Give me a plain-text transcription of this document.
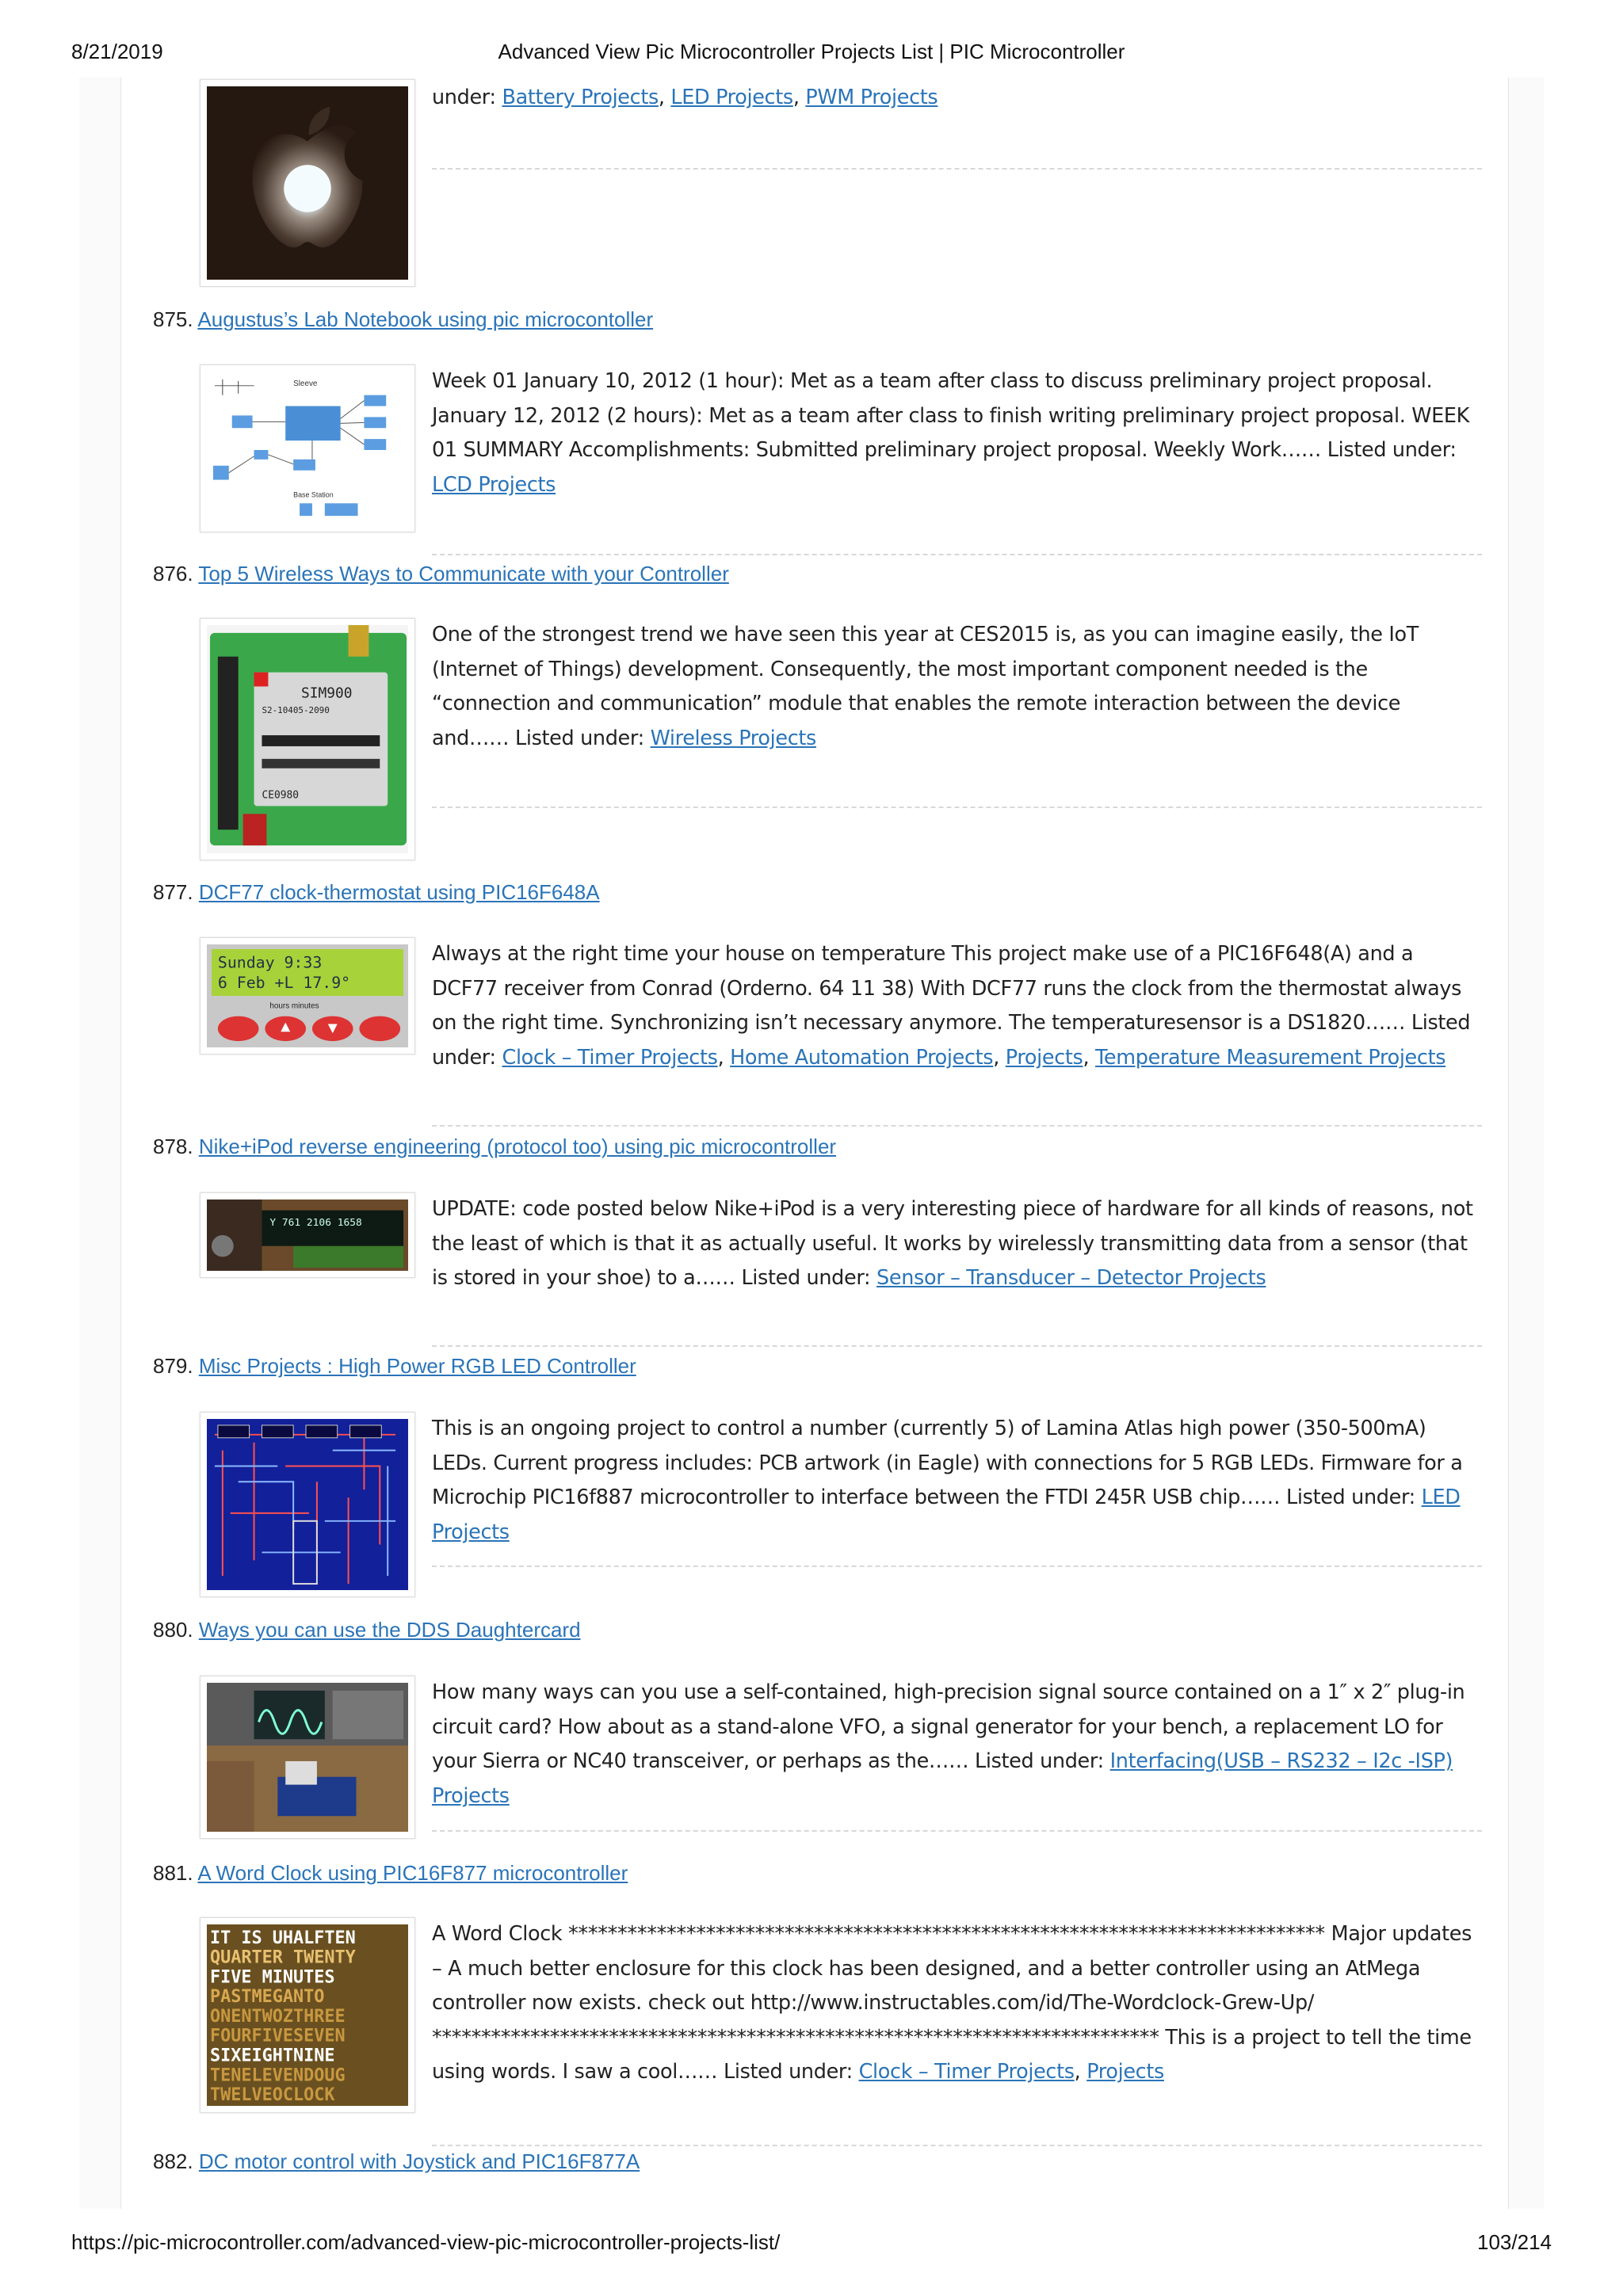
8/21/2019	Advanced View Pic Microcontroller Projects List | PIC Microcontroller
under: Battery Projects, LED Projects, PWM Projects
875. Augustus’s Lab Notebook using pic microcontoller
Sleeve
Base Station
Week 01 January 10, 2012 (1 hour): Met as a team after class to discuss preliminary project proposal. January 12, 2012 (2 hours): Met as a team after class to finish writing preliminary project proposal. WEEK 01 SUMMARY Accomplishments: Submitted preliminary project proposal. Weekly Work…… Listed under: LCD Projects
876. Top 5 Wireless Ways to Communicate with your Controller
SIM900
S2-10405-2090
CE0980
One of the strongest trend we have seen this year at CES2015 is, as you can imagine easily, the IoT (Internet of Things) development. Consequently, the most important component needed is the “connection and communication” module that enables the remote interaction between the device and…… Listed under: Wireless Projects
877. DCF77 clock-thermostat using PIC16F648A
Sunday 9:33
6 Feb +L 17.9°
hours minutes
Always at the right time your house on temperature This project make use of a PIC16F648(A) and a DCF77 receiver from Conrad (Orderno. 64 11 38) With DCF77 runs the clock from the thermostat always on the right time. Synchronizing isn’t necessary anymore. The temperaturesensor is a DS1820…… Listed under: Clock – Timer Projects, Home Automation Projects, Projects, Temperature Measurement Projects
878. Nike+iPod reverse engineering (protocol too) using pic microcontroller
Y 761 2106 1658
UPDATE: code posted below Nike+iPod is a very interesting piece of hardware for all kinds of reasons, not the least of which is that it as actually useful. It works by wirelessly transmitting data from a sensor (that is stored in your shoe) to a…… Listed under: Sensor – Transducer – Detector Projects
879. Misc Projects : High Power RGB LED Controller
This is an ongoing project to control a number (currently 5) of Lamina Atlas high power (350-500mA) LEDs. Current progress includes: PCB artwork (in Eagle) with connections for 5 RGB LEDs. Firmware for a Microchip PIC16f887 microcontroller to interface between the FTDI 245R USB chip…… Listed under: LED Projects
880. Ways you can use the DDS Daughtercard
How many ways can you use a self-contained, high-precision signal source contained on a 1″ x 2″ plug-in circuit card? How about as a stand-alone VFO, a signal generator for your bench, a replacement LO for your Sierra or NC40 transceiver, or perhaps as the…… Listed under: Interfacing(USB – RS232 – I2c -ISP) Projects
881. A Word Clock using PIC16F877 microcontroller
IT IS UHALFTEN
QUARTER TWENTY
FIVE MINUTES
PASTMEGANTO
ONENTWOZTHREE
FOURFIVESEVEN
SIXEIGHTNINE
TENELEVENDOUG
TWELVEOCLOCK
A Word Clock ***************************************************************************** Major updates – A much better enclosure for this clock has been designed, and a better controller using an AtMega controller now exists. check out http://www.instructables.com/id/The-Wordclock-Grew-Up/ ************************************************************************** This is a project to tell the time using words. I saw a cool…… Listed under: Clock – Timer Projects, Projects
882. DC motor control with Joystick and PIC16F877A
https://pic-microcontroller.com/advanced-view-pic-microcontroller-projects-list/	103/214
